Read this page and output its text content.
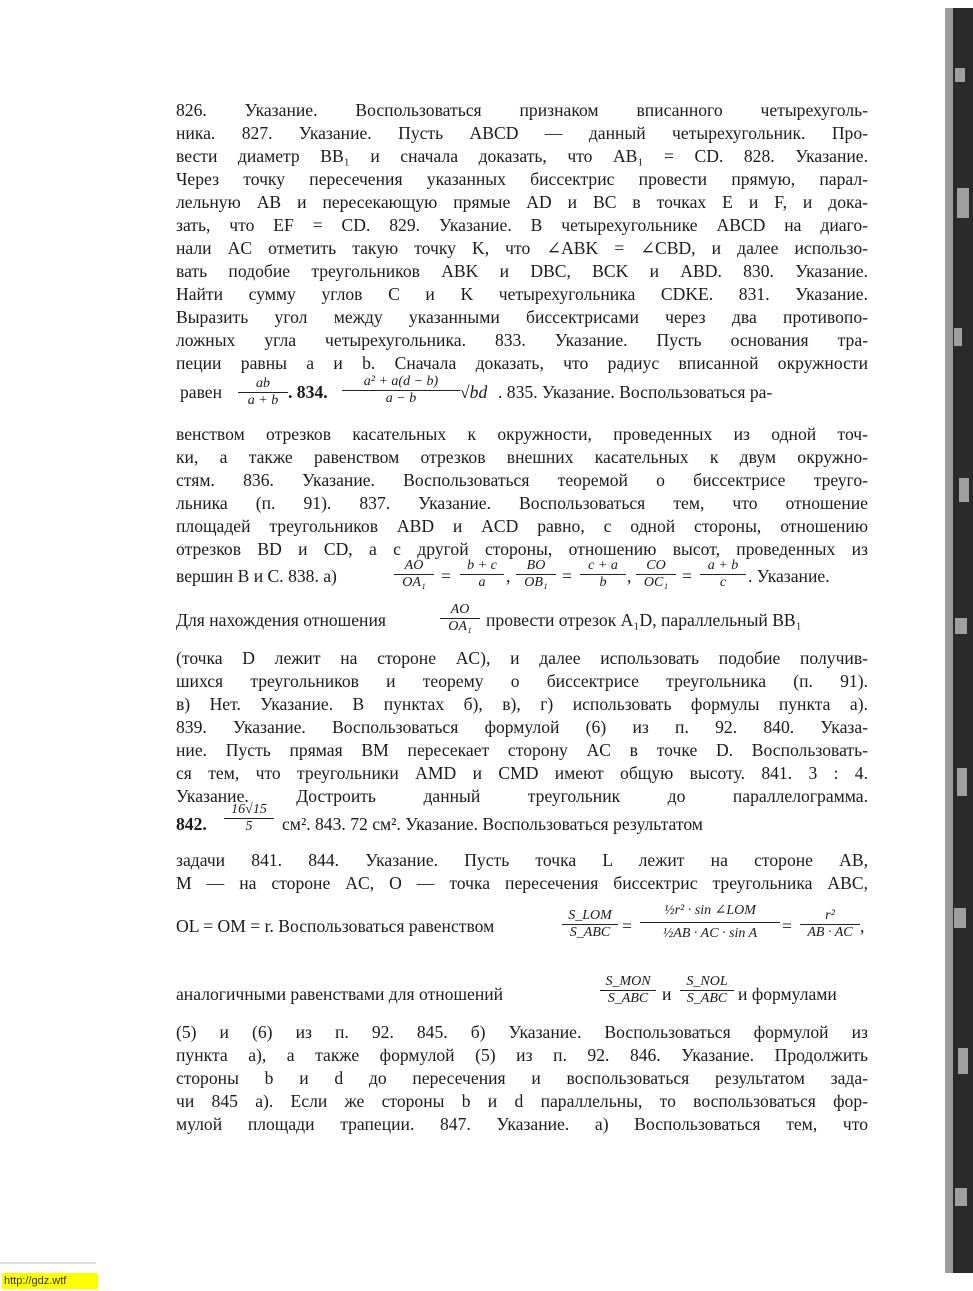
826. Указание. Воспользоваться признаком вписанного четырехуголь-
ника. 827. Указание. Пусть ABCD — данный четырехугольник. Про-
вести диаметр BB₁ и сначала доказать, что AB₁ = CD. 828. Указание.
Через точку пересечения указанных биссектрис провести прямую, парал-
лельную AB и пересекающую прямые AD и BC в точках E и F, и дока-
зать, что EF = CD. 829. Указание. В четырехугольнике ABCD на диаго-
нали AC отметить такую точку K, что ∠ABK = ∠CBD, и далее использо-
вать подобие треугольников ABK и DBC, BCK и ABD. 830. Указание.
Найти сумму углов C и K четырехугольника CDKE. 831. Указание.
Выразить угол между указанными биссектрисами через два противопо-
ложных угла четырехугольника. 833. Указание. Пусть основания тра-
пеции равны a и b. Сначала доказать, что радиус вписанной окружности
равен $\frac{ab}{a + b}$ . 834. $\frac{\text{a² + a(d − b)}}{a - b} √bd$ . 835. Указание. Воспользоваться ра-
венством отрезков касательных к окружности, проведенных из одной точ-
ки, а также равенством отрезков внешних касательных к двум окружно-
стям. 836. Указание. Воспользоваться теоремой о биссектрисе треуго-
льника (п. 91). 837. Указание. Воспользоваться тем, что отношение
площадей треугольников ABD и ACD равно, с одной стороны, отношению
отрезков BD и CD, а с другой стороны, отношению высот, проведенных из
вершин B и C. 838. а)	$\frac{AO}{\text{OA₁}} = \frac{b + c}{a}$ , $\frac{BO}{\text{OB₁}} = \frac{c + a}{b}$ , $\frac{CO}{\text{OC₁}} = \frac{a + b}{c}$ . Указание.
Для нахождения отношения	$\frac{AO}{\text{OA₁}}$ провести отрезок A₁D, параллельный BB₁
(точка D лежит на стороне AC), и далее использовать подобие получив-
шихся треугольников и теорему о биссектрисе треугольника (п. 91).
в) Нет. Указание. В пунктах б), в), г) использовать формулы пункта а).
839. Указание. Воспользоваться формулой (6) из п. 92. 840. Указа-
ние. Пусть прямая BM пересекает сторону AC в точке D. Воспользовать-
ся тем, что треугольники AMD и CMD имеют общую высоту. 841. 3 : 4.
Указание. Достроить данный треугольник до параллелограмма.
842. $\frac{16√15}{5} см^2$. 843. 72 см². Указание. Воспользоваться результатом
задачи 841. 844. Указание. Пусть точка L лежит на стороне AB,
M — на стороне AC, O — точка пересечения биссектрис треугольника ABC,
OL = OM = r. Воспользоваться равенством
S_LOM
S_ABC =
½r² · sin ∠LOM
½AB · AC · sin A	= $\frac{\text{r²}}{AB \cdot AC}$ ,
аналогичными равенствами для отношений
S_MON
S_ABC и
S_NOL
S_ABC и формулами
(5) и (6) из п. 92. 845. б) Указание. Воспользоваться формулой из
пункта а), а также формулой (5) из п. 92. 846. Указание. Продолжить
стороны b и d до пересечения и воспользоваться результатом зада-
чи 845 а). Если же стороны b и d параллельны, то воспользоваться фор-
мулой площади трапеции. 847. Указание. а) Воспользоваться тем, что
http://gdz.wtf
